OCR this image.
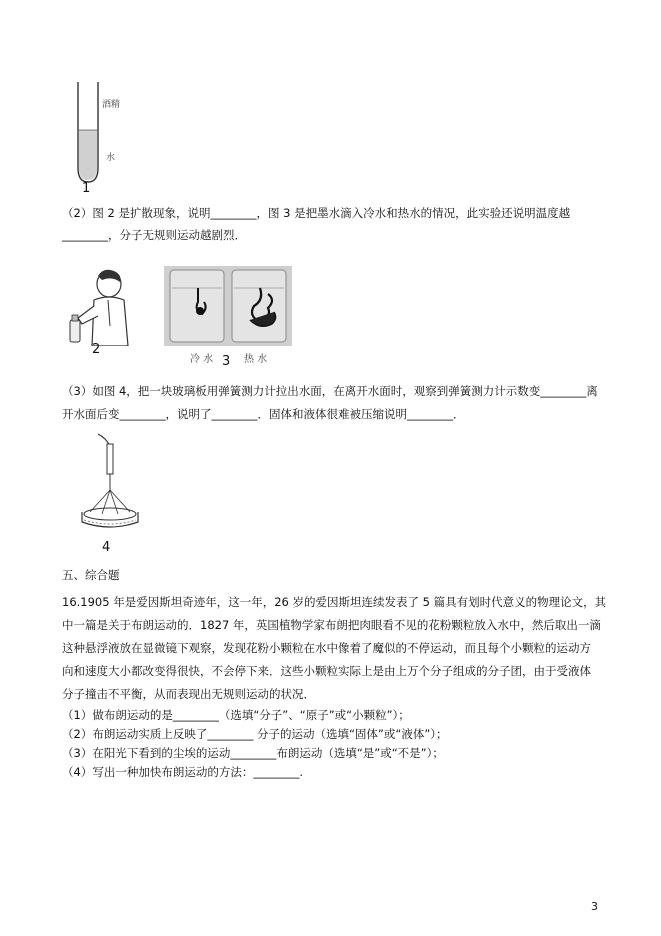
酒精
水
1
（2）图 2 是扩散现象，说明________，图 3 是把墨水滴入冷水和热水的情况，此实验还说明温度越
________，分子无规则运动越剧烈．
2
冷 水	热 水
3
（3）如图 4，把一块玻璃板用弹簧测力计拉出水面，在离开水面时，观察到弹簧测力计示数变________离
开水面后变________，说明了________．固体和液体很难被压缩说明________．
4
五、综合题
16.1905 年是爱因斯坦奇迹年，这一年，26 岁的爱因斯坦连续发表了 5 篇具有划时代意义的物理论文，其
中一篇是关于布朗运动的．1827 年，英国植物学家布朗把肉眼看不见的花粉颗粒放入水中，然后取出一滴
这种悬浮液放在显微镜下观察，发现花粉小颗粒在水中像着了魔似的不停运动，而且每个小颗粒的运动方
向和速度大小都改变得很快，不会停下来．这些小颗粒实际上是由上万个分子组成的分子团，由于受液体
分子撞击不平衡，从而表现出无规则运动的状况．
（1）做布朗运动的是________（选填“分子”、“原子”或“小颗粒”）；
（2）布朗运动实质上反映了________ 分子的运动（选填“固体”或“液体”）；
（3）在阳光下看到的尘埃的运动________布朗运动（选填“是”或“不是”）；
（4）写出一种加快布朗运动的方法：________.
3
